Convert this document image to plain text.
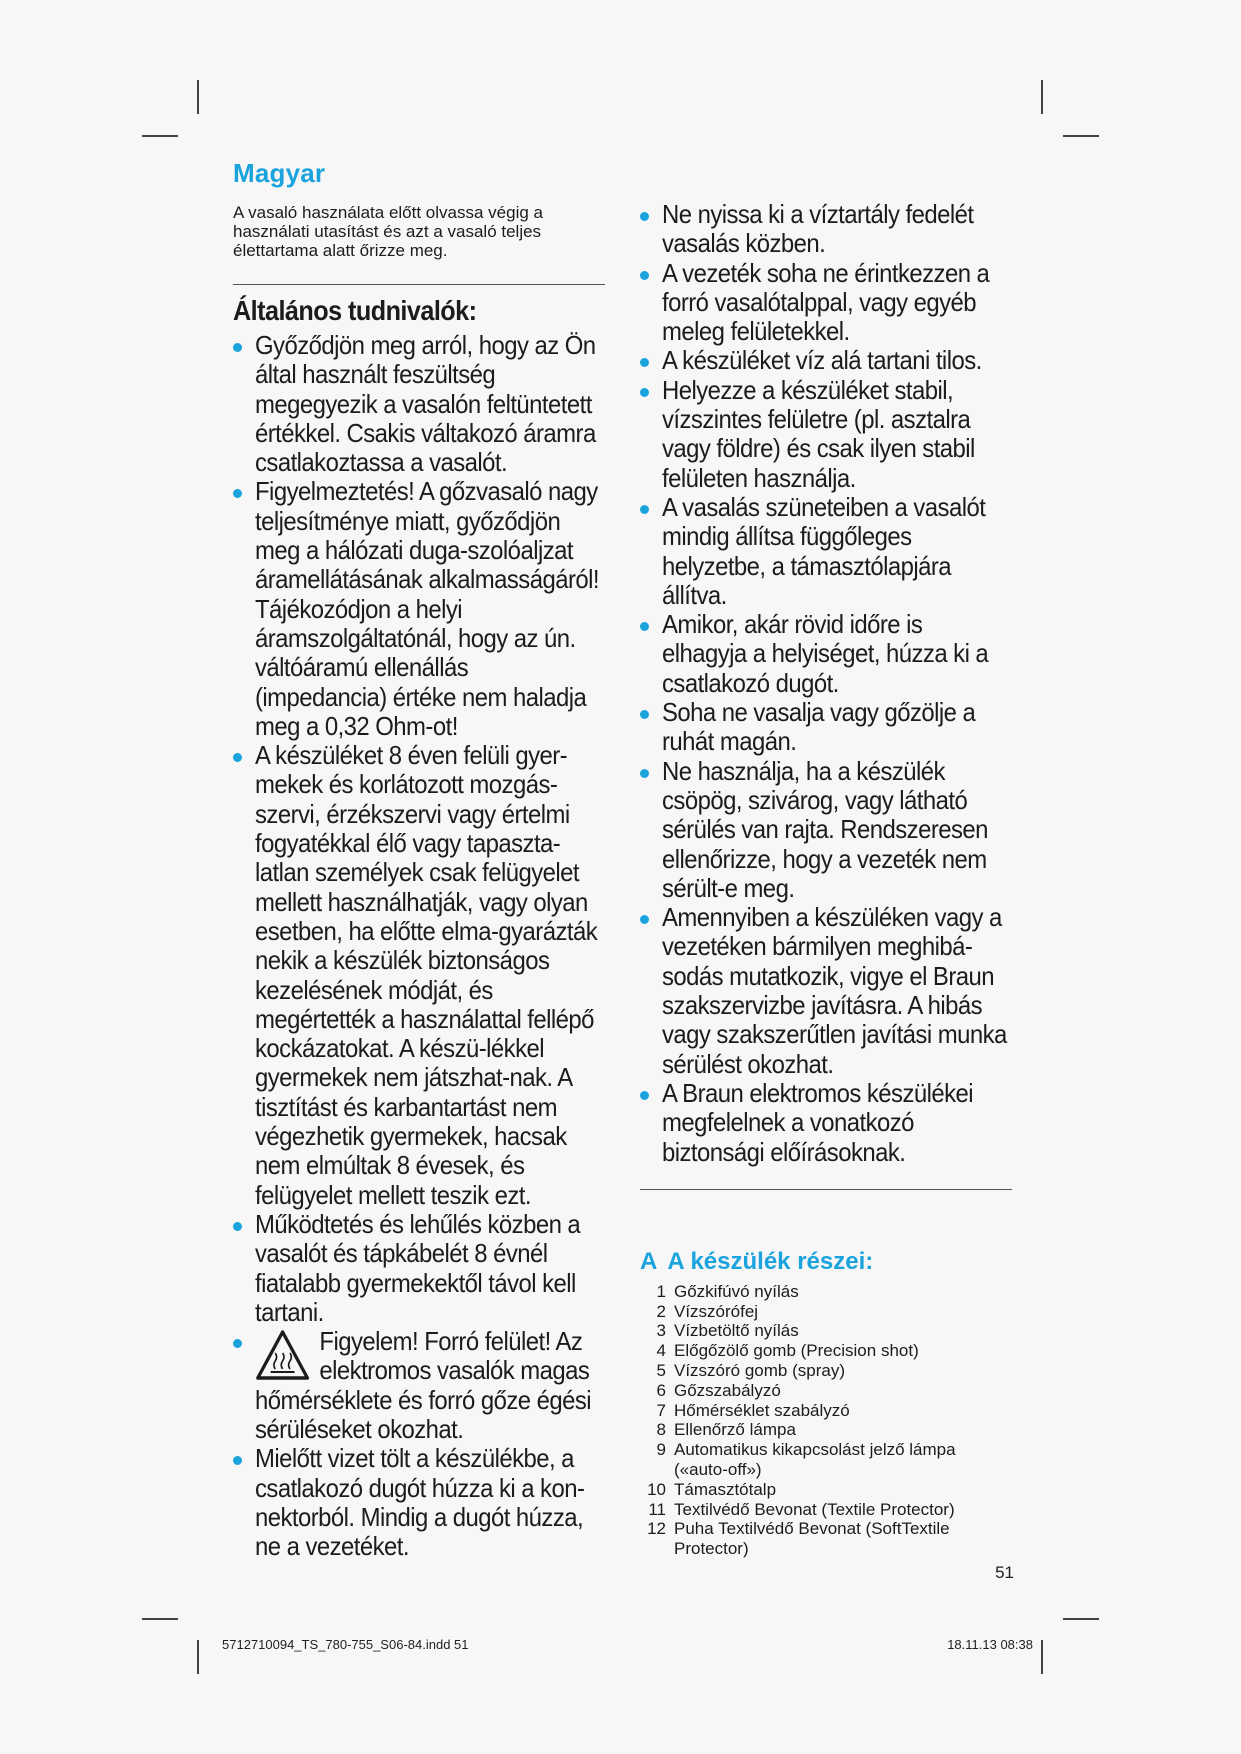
Magyar

A vasaló használata előtt olvassa végig a használati utasítást és azt a vasaló teljes élettartama alatt őrizze meg.

Általános tudnivalók:
Győződjön meg arról, hogy az Ön által használt feszültség megegyezik a vasalón feltüntetett értékkel. Csakis váltakozó áramra csatlakoztassa a vasalót.
Figyelmeztetés! A gőzvasaló nagy teljesítménye miatt, győződjön meg a hálózati duga-szolóaljzat áramellátásának alkalmasságáról! Tájékozódjon a helyi áramszolgáltatónál, hogy az ún. váltóáramú ellenállás (impedancia) értéke nem haladja meg a 0,32 Ohm-ot!
A készüléket 8 éven felüli gyer-mekek és korlátozott mozgás-szervi, érzékszervi vagy értelmi fogyatékkal élő vagy tapaszta-latlan személyek csak felügyelet mellett használhatják, vagy olyan esetben, ha előtte elma-gyarázták nekik a készülék biztonságos kezelésének módját, és megértették a használattal fellépő kockázatokat. A készü-lékkel gyermekek nem játszhat-nak. A tisztítást és karbantartást nem végezhetik gyermekek, hacsak nem elmúltak 8 évesek, és felügyelet mellett teszik ezt.
Működtetés és lehűlés közben a vasalót és tápkábelét 8 évnél fiatalabb gyermekektől távol kell tartani.
Figyelem! Forró felület! Az elektromos vasalók magas hőmérséklete és forró gőze égési sérüléseket okozhat.
Mielőtt vizet tölt a készülékbe, a csatlakozó dugót húzza ki a kon-nektorból. Mindig a dugót húzza, ne a vezetéket.
Ne nyissa ki a víztartály fedelét vasalás közben.
A vezeték soha ne érintkezzen a forró vasalótalppal, vagy egyéb meleg felületekkel.
A készüléket víz alá tartani tilos.
Helyezze a készüléket stabil, vízszintes felületre (pl. asztalra vagy földre) és csak ilyen stabil felületen használja.
A vasalás szüneteiben a vasalót mindig állítsa függőleges helyzetbe, a támasztólapjára állítva.
Amikor, akár rövid időre is elhagyja a helyiséget, húzza ki a csatlakozó dugót.
Soha ne vasalja vagy gőzölje a ruhát magán.
Ne használja, ha a készülék csöpög, szivárog, vagy látható sérülés van rajta. Rendszeresen ellenőrizze, hogy a vezeték nem sérült-e meg.
Amennyiben a készüléken vagy a vezetéken bármilyen meghibá-sodás mutatkozik, vigye el Braun szakszervizbe javításra. A hibás vagy szakszerűtlen javítási munka sérülést okozhat.
A Braun elektromos készülékei megfelelnek a vonatkozó biztonsági előírásoknak.
A A készülék részei:
1 Gőzkifúvó nyílás
2 Vízszórófej
3 Vízbetöltő nyílás
4 Előgőzölő gomb (Precision shot)
5 Vízszóró gomb (spray)
6 Gőzszabályzó
7 Hőmérséklet szabályzó
8 Ellenőrző lámpa
9 Automatikus kikapcsolást jelző lámpa («auto-off»)
10 Támasztótalp
11 Textilvédő Bevonat (Textile Protector)
12 Puha Textilvédő Bevonat (SoftTextile Protector)
51
5712710094_TS_780-755_S06-84.indd 51	18.11.13 08:38
